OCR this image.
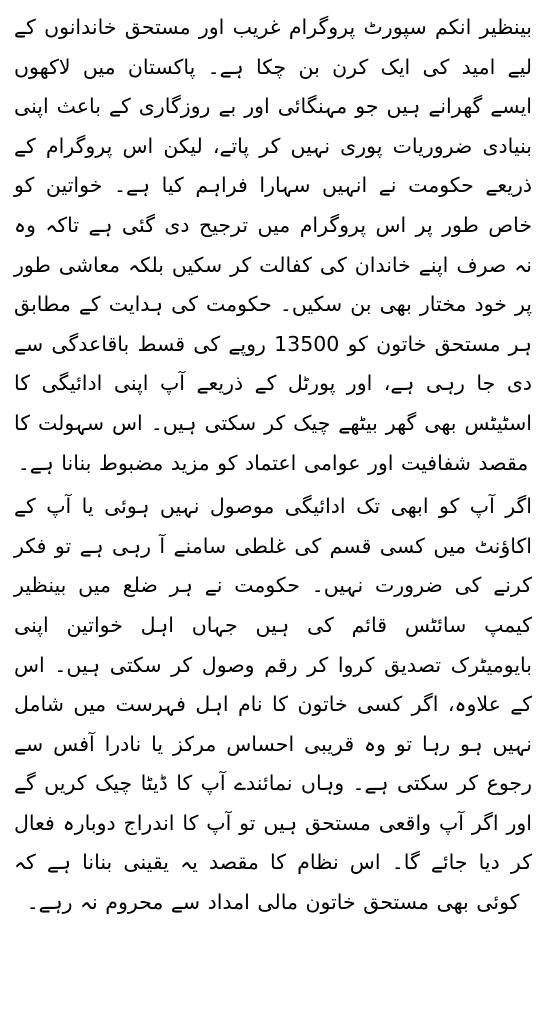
بینظیر انکم سپورٹ پروگرام غریب اور مستحق خاندانوں کے لیے امید کی ایک کرن بن چکا ہے۔ پاکستان میں لاکھوں ایسے گھرانے ہیں جو مہنگائی اور بے روزگاری کے باعث اپنی بنیادی ضروریات پوری نہیں کر پاتے، لیکن اس پروگرام کے ذریعے حکومت نے انہیں سہارا فراہم کیا ہے۔ خواتین کو خاص طور پر اس پروگرام میں ترجیح دی گئی ہے تاکہ وہ نہ صرف اپنے خاندان کی کفالت کر سکیں بلکہ معاشی طور پر خود مختار بھی بن سکیں۔ حکومت کی ہدایت کے مطابق ہر مستحق خاتون کو 13500 روپے کی قسط باقاعدگی سے دی جا رہی ہے، اور پورٹل کے ذریعے آپ اپنی ادائیگی کا اسٹیٹس بھی گھر بیٹھے چیک کر سکتی ہیں۔ اس سہولت کا مقصد شفافیت اور عوامی اعتماد کو مزید مضبوط بنانا ہے۔

اگر آپ کو ابھی تک ادائیگی موصول نہیں ہوئی یا آپ کے اکاؤنٹ میں کسی قسم کی غلطی سامنے آ رہی ہے تو فکر کرنے کی ضرورت نہیں۔ حکومت نے ہر ضلع میں بینظیر کیمپ سائٹس قائم کی ہیں جہاں اہل خواتین اپنی بایومیٹرک تصدیق کروا کر رقم وصول کر سکتی ہیں۔ اس کے علاوہ، اگر کسی خاتون کا نام اہل فہرست میں شامل نہیں ہو رہا تو وہ قریبی احساس مرکز یا نادرا آفس سے رجوع کر سکتی ہے۔ وہاں نمائندے آپ کا ڈیٹا چیک کریں گے اور اگر آپ واقعی مستحق ہیں تو آپ کا اندراج دوبارہ فعال کر دیا جائے گا۔ اس نظام کا مقصد یہ یقینی بنانا ہے کہ کوئی بھی مستحق خاتون مالی امداد سے محروم نہ رہے۔
